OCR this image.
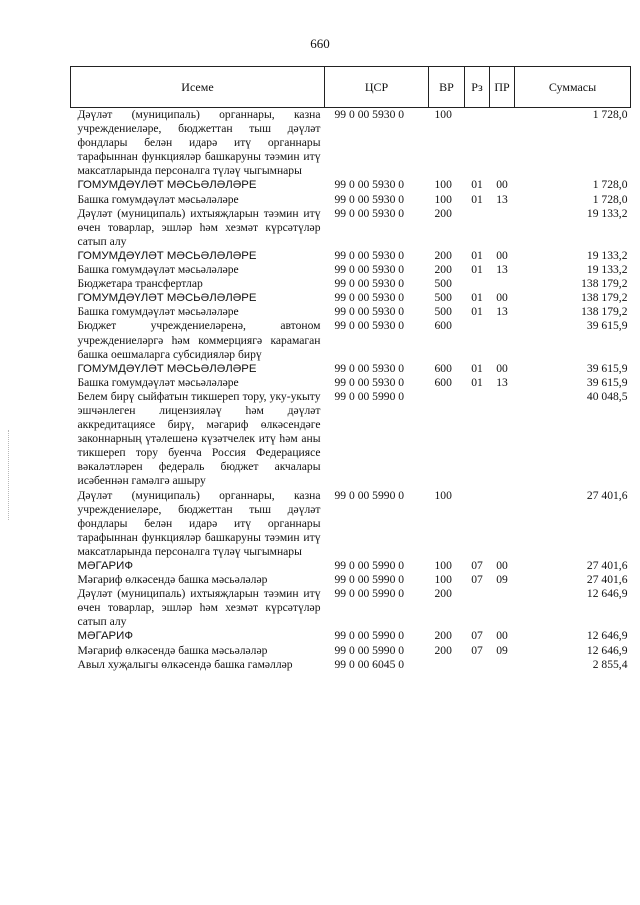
660
Исеме	ЦСР	ВР	Рз	ПР	Суммасы
Дәүләт (муниципаль) органнары, казна учреждениеләре, бюджеттан тыш дәүләт фондлары белән идарә итү органнары тарафыннан функцияләр башкаруны тәэмин итү максатларында персоналга түләү чыгымнары	99 0 00 5930 0	100			1 728,0
ГОМУМДӘҮЛӘТ МӘСЬӘЛӘЛӘРЕ	99 0 00 5930 0	100	01	00	1 728,0
Башка гомумдәүләт мәсьәләләре	99 0 00 5930 0	100	01	13	1 728,0
Дәүләт (муниципаль) ихтыяҗларын тәэмин итү өчен товарлар, эшләр һәм хезмәт күрсәтүләр сатып алу	99 0 00 5930 0	200			19 133,2
ГОМУМДӘҮЛӘТ МӘСЬӘЛӘЛӘРЕ	99 0 00 5930 0	200	01	00	19 133,2
Башка гомумдәүләт мәсьәләләре	99 0 00 5930 0	200	01	13	19 133,2
Бюджетара трансфертлар	99 0 00 5930 0	500			138 179,2
ГОМУМДӘҮЛӘТ МӘСЬӘЛӘЛӘРЕ	99 0 00 5930 0	500	01	00	138 179,2
Башка гомумдәүләт мәсьәләләре	99 0 00 5930 0	500	01	13	138 179,2
Бюджет учреждениеләренә, автоном учреждениеләргә һәм коммерциягә карамаган башка оешмаларга субсидияләр бирү	99 0 00 5930 0	600			39 615,9
ГОМУМДӘҮЛӘТ МӘСЬӘЛӘЛӘРЕ	99 0 00 5930 0	600	01	00	39 615,9
Башка гомумдәүләт мәсьәләләре	99 0 00 5930 0	600	01	13	39 615,9
Белем бирү сыйфатын тикшереп тору, уку-укыту эшчәнлеген лицензияләү һәм дәүләт аккредитациясе бирү, мәгариф өлкәсендәге законнарның үтәлешенә күзәтчелек итү һәм аны тикшереп тору буенча Россия Федерациясе вәкаләтләрен федераль бюджет акчалары исәбеннән гамәлгә ашыру	99 0 00 5990 0				40 048,5
Дәүләт (муниципаль) органнары, казна учреждениеләре, бюджеттан тыш дәүләт фондлары белән идарә итү органнары тарафыннан функцияләр башкаруны тәэмин итү максатларында персоналга түләү чыгымнары	99 0 00 5990 0	100			27 401,6
МӘГАРИФ	99 0 00 5990 0	100	07	00	27 401,6
Мәгариф өлкәсендә башка мәсьәләләр	99 0 00 5990 0	100	07	09	27 401,6
Дәүләт (муниципаль) ихтыяҗларын тәэмин итү өчен товарлар, эшләр һәм хезмәт күрсәтүләр сатып алу	99 0 00 5990 0	200			12 646,9
МӘГАРИФ	99 0 00 5990 0	200	07	00	12 646,9
Мәгариф өлкәсендә башка мәсьәләләр	99 0 00 5990 0	200	07	09	12 646,9
Авыл хуҗалыгы өлкәсендә башка гамәлләр	99 0 00 6045 0				2 855,4
